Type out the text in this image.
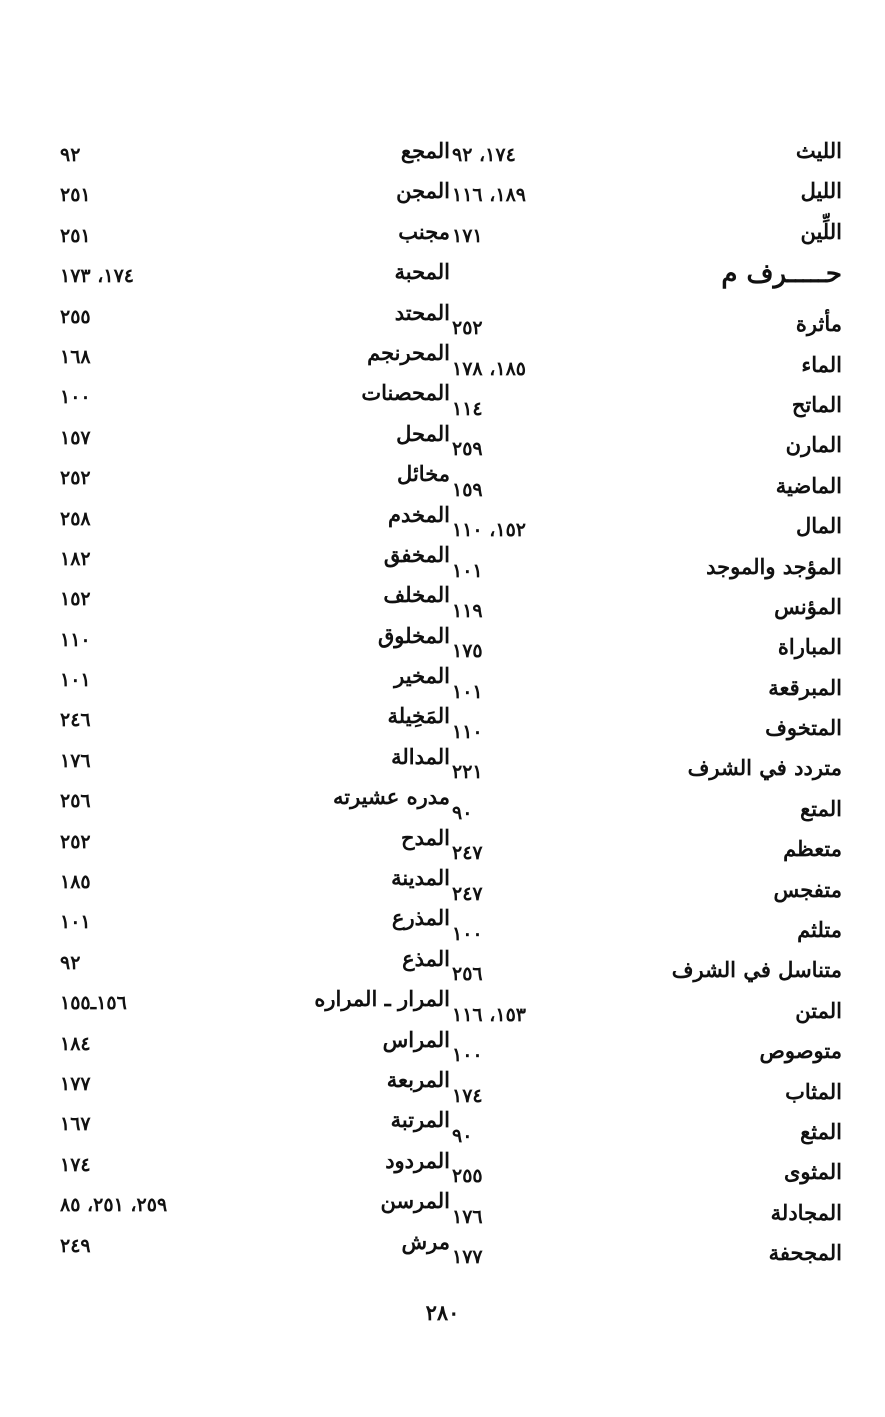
الليث
١٧٤، ٩٢
الليل
١٨٩، ١١٦
اللِّين
١٧١
حـــــرف م
مأثرة
٢٥٢
الماء
١٨٥، ١٧٨
الماتح
١١٤
المارن
٢٥٩
الماضية
١٥٩
المال
١٥٢، ١١٠
المؤجد والموجد
١٠١
المؤنس
١١٩
المباراة
١٧٥
المبرقعة
١٠١
المتخوف
١١٠
متردد في الشرف
٢٢١
المتع
٩٠
متعظم
٢٤٧
متفجس
٢٤٧
متلثم
١٠٠
متناسل في الشرف
٢٥٦
المتن
١٥٣، ١١٦
متوصوص
١٠٠
المثاب
١٧٤
المثع
٩٠
المثوى
٢٥٥
المجادلة
١٧٦
المجحفة
١٧٧
المجع
٩٢
المجن
٢٥١
مجنب
٢٥١
المحبة
١٧٤، ١٧٣
المحتد
٢٥٥
المحرنجم
١٦٨
المحصنات
١٠٠
المحل
١٥٧
مخائل
٢٥٢
المخدم
٢٥٨
المخفق
١٨٢
المخلف
١٥٢
المخلوق
١١٠
المخير
١٠١
المَخِيلة
٢٤٦
المدالة
١٧٦
مدره عشيرته
٢٥٦
المدح
٢٥٢
المدينة
١٨٥
المذرع
١٠١
المذع
٩٢
المرار ـ المراره
١٥٦ـ١٥٥
المراس
١٨٤
المربعة
١٧٧
المرتبة
١٦٧
المردود
١٧٤
المرسن
٢٥٩، ٢٥١، ٨٥
مرش
٢٤٩
٢٨٠
